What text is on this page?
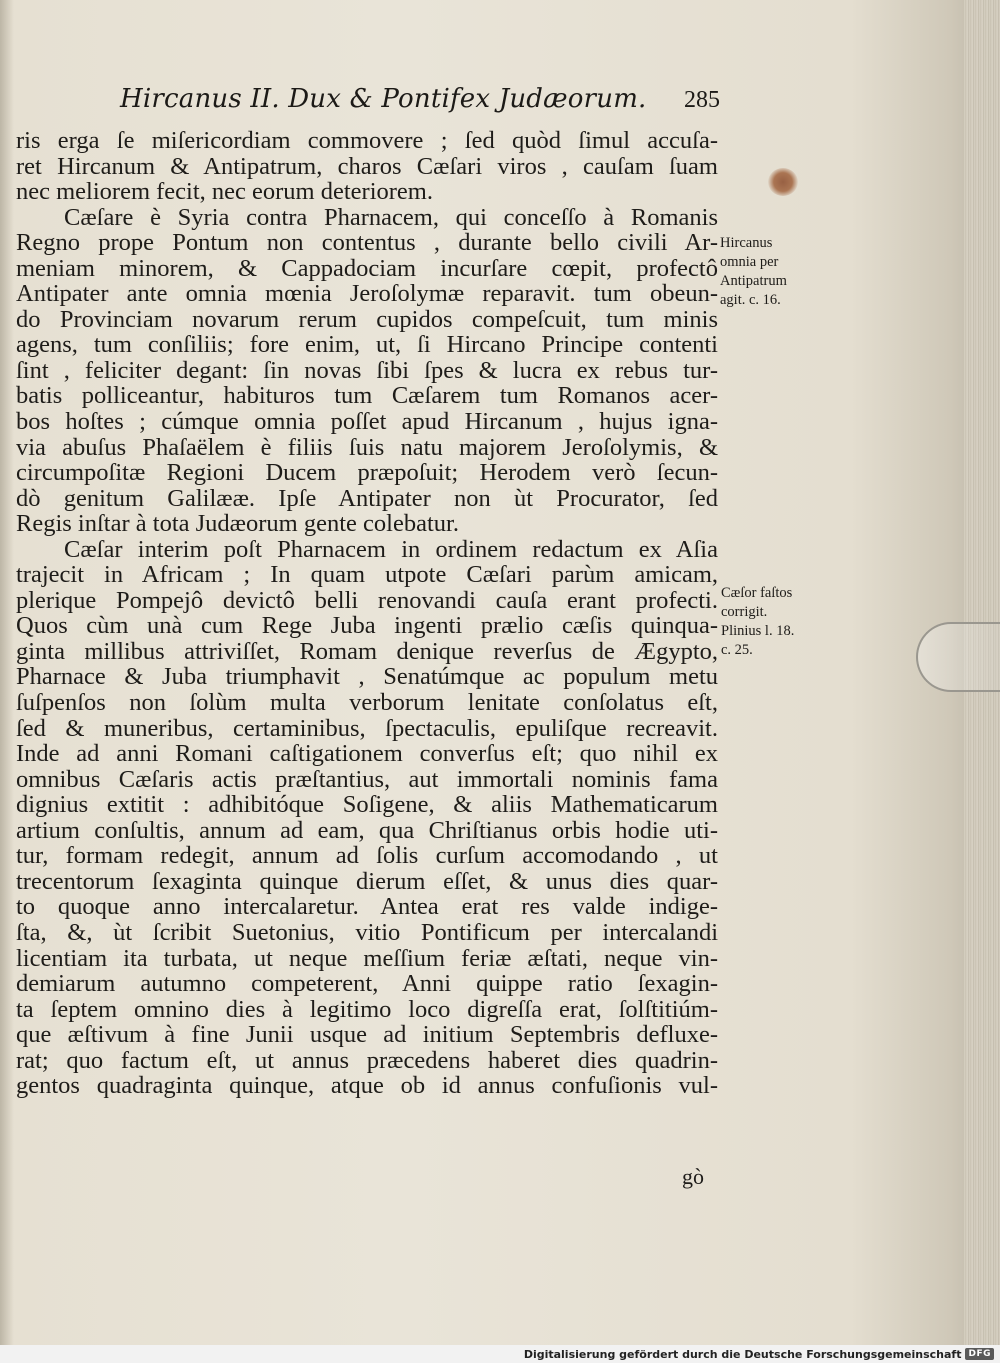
Hircanus II. Dux & Pontifex Judæorum. 285
ris erga ſe miſericordiam commovere ; ſed quòd ſimul accuſa-
ret Hircanum & Antipatrum, charos Cæſari viros , cauſam ſuam
nec meliorem fecit, nec eorum deteriorem.
Cæſare è Syria contra Pharnacem, qui conceſſo à Romanis
Regno prope Pontum non contentus , durante bello civili Ar-
meniam minorem, & Cappadociam incurſare cœpit, profectô
Antipater ante omnia mœnia Jeroſolymæ reparavit. tum obeun-
do Provinciam novarum rerum cupidos compeſcuit, tum minis
agens, tum conſiliis; fore enim, ut, ſi Hircano Principe contenti
ſint , feliciter degant: ſin novas ſibi ſpes & lucra ex rebus tur-
batis polliceantur, habituros tum Cæſarem tum Romanos acer-
bos hoſtes ; cúmque omnia poſſet apud Hircanum , hujus igna-
via abuſus Phaſaëlem è filiis ſuis natu majorem Jeroſolymis, &
circumpoſitæ Regioni Ducem præpoſuit; Herodem verò ſecun-
dò genitum Galilææ. Ipſe Antipater non ùt Procurator, ſed
Regis inſtar à tota Judæorum gente colebatur.
Cæſar interim poſt Pharnacem in ordinem redactum ex Aſia
trajecit in Africam ; In quam utpote Cæſari parùm amicam,
plerique Pompejô devictô belli renovandi cauſa erant profecti.
Quos cùm unà cum Rege Juba ingenti prælio cæſis quinqua-
ginta millibus attriviſſet, Romam denique reverſus de Ægypto,
Pharnace & Juba triumphavit , Senatúmque ac populum metu
ſuſpenſos non ſolùm multa verborum lenitate conſolatus eſt,
ſed & muneribus, certaminibus, ſpectaculis, epuliſque recreavit.
Inde ad anni Romani caſtigationem converſus eſt; quo nihil ex
omnibus Cæſaris actis præſtantius, aut immortali nominis fama
dignius extitit : adhibitóque Soſigene, & aliis Mathematicarum
artium conſultis, annum ad eam, qua Chriſtianus orbis hodie uti-
tur, formam redegit, annum ad ſolis curſum accomodando , ut
trecentorum ſexaginta quinque dierum eſſet, & unus dies quar-
to quoque anno intercalaretur. Antea erat res valde indige-
ſta, &, ùt ſcribit Suetonius, vitio Pontificum per intercalandi
licentiam ita turbata, ut neque meſſium feriæ æſtati, neque vin-
demiarum autumno competerent, Anni quippe ratio ſexagin-
ta ſeptem omnino dies à legitimo loco digreſſa erat, ſolſtitiúm-
que æſtivum à fine Junii usque ad initium Septembris defluxe-
rat; quo factum eſt, ut annus præcedens haberet dies quadrin-
gentos quadraginta quinque, atque ob id annus confuſionis vul-
Hircanus
omnia per
Antipatrum
agit. c. 16.
Cæſor faſtos
corrigit.
Plinius l. 18.
c. 25.
gò
Digitalisierung gefördert durch die Deutsche Forschungsgemeinschaft DFG
